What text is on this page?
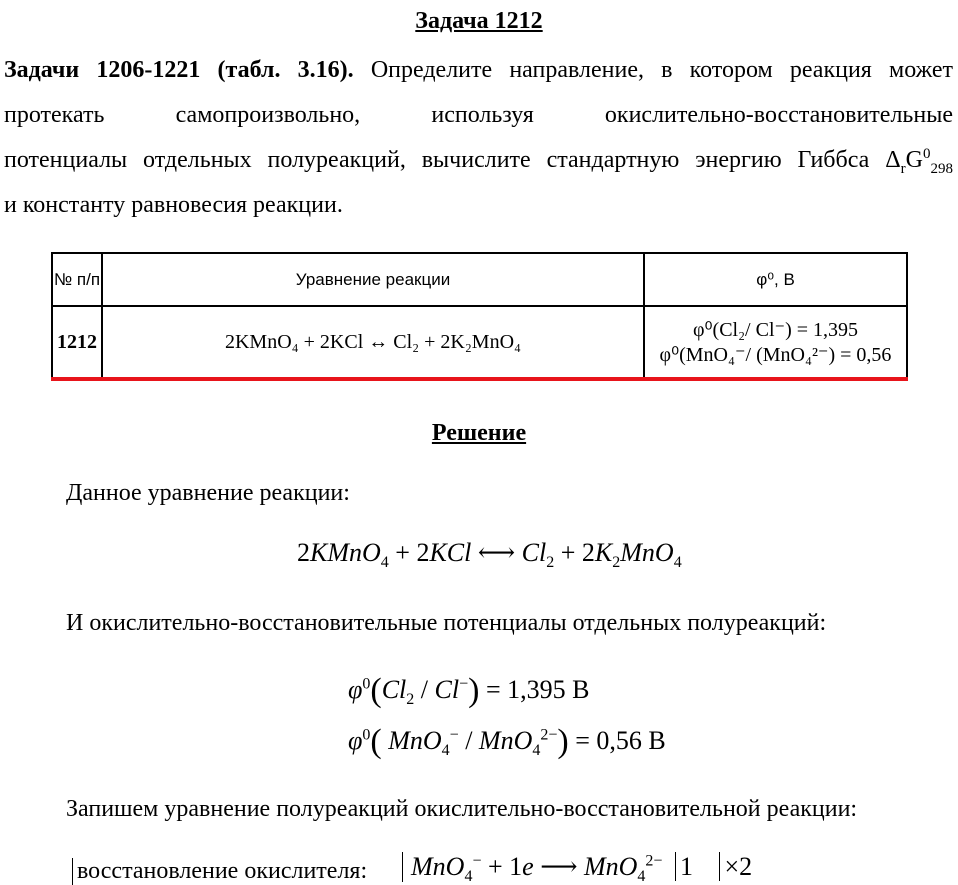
Задача 1212
Задачи 1206-1221 (табл. 3.16). Определите направление, в котором реакция может
протекать самопроизвольно, используя окислительно-восстановительные
потенциалы отдельных полуреакций, вычислите стандартную энергию Гиббса $\Delta_rG^0_{298}$
и константу равновесия реакции.
№ п/п	Уравнение реакции	φ⁰, В
1212	2KMnO₄ + 2KCl ↔ Cl₂ + 2K₂MnO₄	φ⁰(Cl₂/ Cl⁻) = 1,395
φ⁰(MnO₄⁻/ (MnO₄²⁻) = 0,56
Решение
Данное уравнение реакции:
2KMnO$_4$ + 2KCl ⟷ $Cl_2 + 2K_2MnO_4$
И окислительно-восстановительные потенциалы отдельных полуреакций:
$\varphi^0(Cl_2 / Cl^-) = 1,395$ В
$\varphi^0$( MnO$_4$− / MnO$_4^{2-}$) = 0,56 В
Запишем уравнение полуреакций окислительно-восстановительной реакции:
восстановление окислителя:	MnO$_4$− + 1e ⟶ MnO$_4^{2-}$ 1 ×2
